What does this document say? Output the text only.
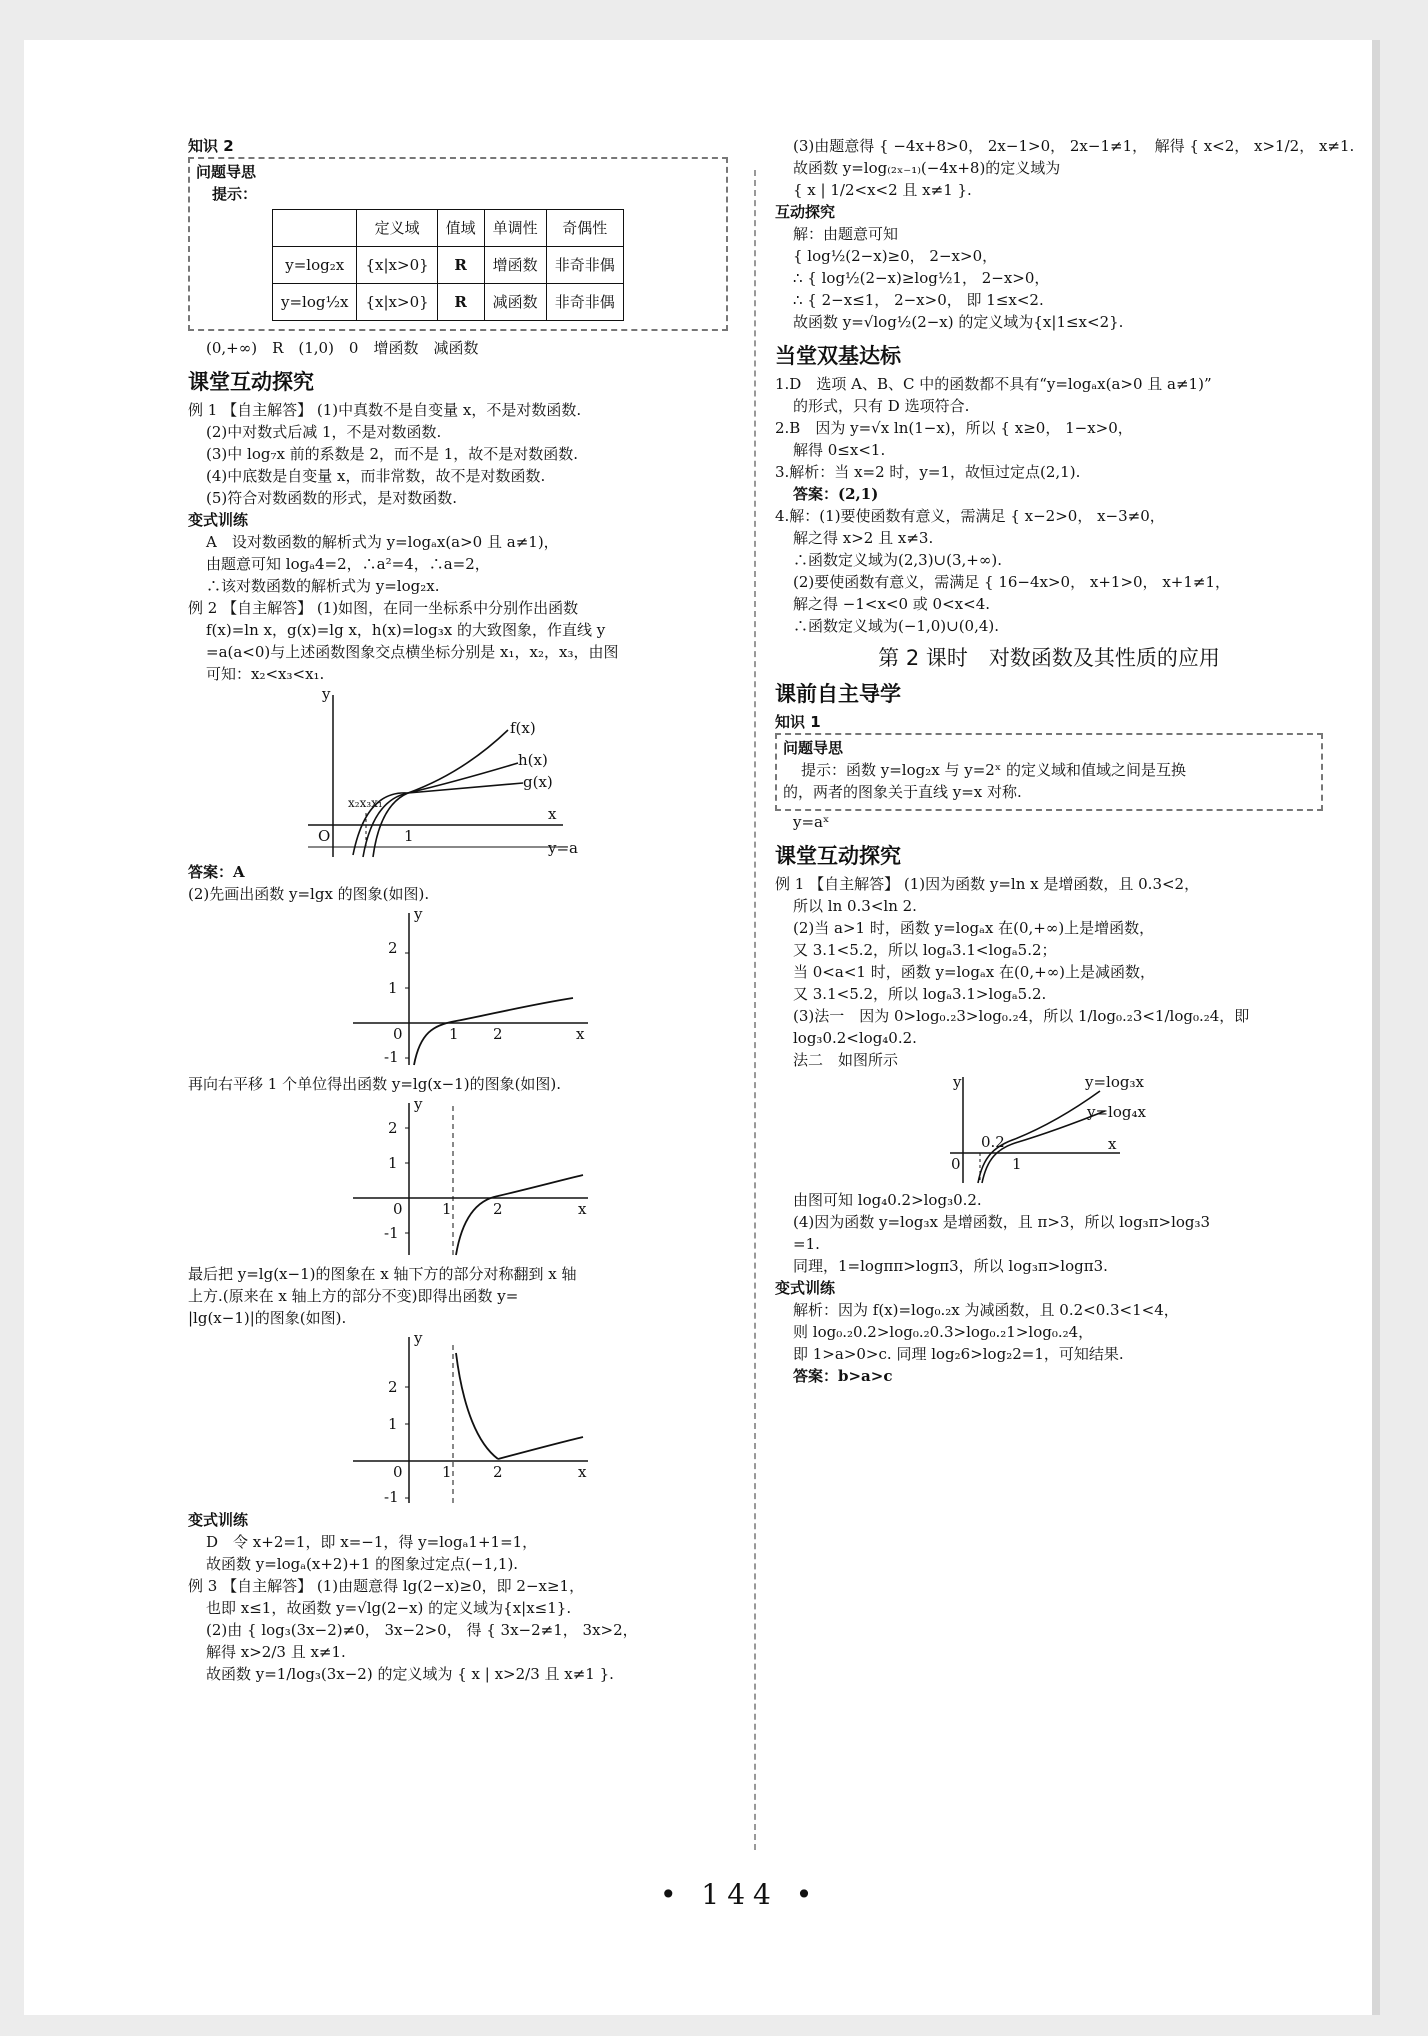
知识 2
问题导思
提示：
	定义域	值域	单调性	奇偶性
y=log₂x	{x|x>0}	R	增函数	非奇非偶
y=log½x	{x|x>0}	R	减函数	非奇非偶
(0,+∞)　R　(1,0)　0　增函数　减函数
课堂互动探究
例 1 【自主解答】 (1)中真数不是自变量 x，不是对数函数.
(2)中对数式后减 1，不是对数函数.
(3)中 log₇x 前的系数是 2，而不是 1，故不是对数函数.
(4)中底数是自变量 x，而非常数，故不是对数函数.
(5)符合对数函数的形式，是对数函数.
变式训练
A　设对数函数的解析式为 y=logₐx(a>0 且 a≠1)，
由题意可知 logₐ4=2，∴a²=4，∴a=2，
∴该对数函数的解析式为 y=log₂x.
例 2 【自主解答】 (1)如图，在同一坐标系中分别作出函数
f(x)=ln x，g(x)=lg x，h(x)=log₃x 的大致图象，作直线 y
=a(a<0)与上述函数图象交点横坐标分别是 x₁，x₂，x₃，由图
可知：x₂<x₃<x₁.
f(x)
h(x)
g(x)
y=a
y
x
O	1
x₂x₃x₁
答案：A
(2)先画出函数 y=lgx 的图象(如图).
y
x
2
1
0	1 2
-1
再向右平移 1 个单位得出函数 y=lg(x−1)的图象(如图).
y
x
2
1
0	1	2
-1
最后把 y=lg(x−1)的图象在 x 轴下方的部分对称翻到 x 轴
上方.(原来在 x 轴上方的部分不变)即得出函数 y=
|lg(x−1)|的图象(如图).
y
x
2
1
0	1	2
-1
变式训练
D　令 x+2=1，即 x=−1，得 y=logₐ1+1=1，
故函数 y=logₐ(x+2)+1 的图象过定点(−1,1).
例 3 【自主解答】 (1)由题意得 lg(2−x)≥0，即 2−x≥1，
也即 x≤1，故函数 y=√lg(2−x) 的定义域为{x|x≤1}.
(2)由 { log₃(3x−2)≠0， 3x−2>0， 得 { 3x−2≠1， 3x>2，
解得 x>2/3 且 x≠1.
故函数 y=1/log₃(3x−2) 的定义域为 { x | x>2/3 且 x≠1 }.
(3)由题意得 { −4x+8>0， 2x−1>0， 2x−1≠1，　解得 { x<2， x>1/2， x≠1.
故函数 y=log₍₂ₓ₋₁₎(−4x+8)的定义域为
{ x | 1/2<x<2 且 x≠1 }.
互动探究
解：由题意可知
{ log½(2−x)≥0， 2−x>0，
∴ { log½(2−x)≥log½1， 2−x>0，
∴ { 2−x≤1， 2−x>0， 即 1≤x<2.
故函数 y=√log½(2−x) 的定义域为{x|1≤x<2}.
当堂双基达标
1.D　选项 A、B、C 中的函数都不具有“y=logₐx(a>0 且 a≠1)”
的形式，只有 D 选项符合.
2.B　因为 y=√x ln(1−x)，所以 { x≥0， 1−x>0，
解得 0≤x<1.
3.解析：当 x=2 时，y=1，故恒过定点(2,1).
答案：(2,1)
4.解：(1)要使函数有意义，需满足 { x−2>0， x−3≠0，
解之得 x>2 且 x≠3.
∴函数定义域为(2,3)∪(3,+∞).
(2)要使函数有意义，需满足 { 16−4x>0， x+1>0， x+1≠1，
解之得 −1<x<0 或 0<x<4.
∴函数定义域为(−1,0)∪(0,4).
第 2 课时　对数函数及其性质的应用
课前自主导学
知识 1
问题导思
提示：函数 y=log₂x 与 y=2ˣ 的定义域和值域之间是互换
的，两者的图象关于直线 y=x 对称.
y=aˣ
课堂互动探究
例 1 【自主解答】 (1)因为函数 y=ln x 是增函数，且 0.3<2，
所以 ln 0.3<ln 2.
(2)当 a>1 时，函数 y=logₐx 在(0,+∞)上是增函数，
又 3.1<5.2，所以 logₐ3.1<logₐ5.2；
当 0<a<1 时，函数 y=logₐx 在(0,+∞)上是减函数，
又 3.1<5.2，所以 logₐ3.1>logₐ5.2.
(3)法一　因为 0>log₀.₂3>log₀.₂4，所以 1/log₀.₂3<1/log₀.₂4，即
log₃0.2<log₄0.2.
法二　如图所示
y
x
0
0.2
1
y=log₃x
y=log₄x
由图可知 log₄0.2>log₃0.2.
(4)因为函数 y=log₃x 是增函数，且 π>3，所以 log₃π>log₃3
=1.
同理，1=logππ>logπ3，所以 log₃π>logπ3.
变式训练
解析：因为 f(x)=log₀.₂x 为减函数，且 0.2<0.3<1<4，
则 log₀.₂0.2>log₀.₂0.3>log₀.₂1>log₀.₂4，
即 1>a>0>c. 同理 log₂6>log₂2=1，可知结果.
答案：b>a>c
• 144 •
